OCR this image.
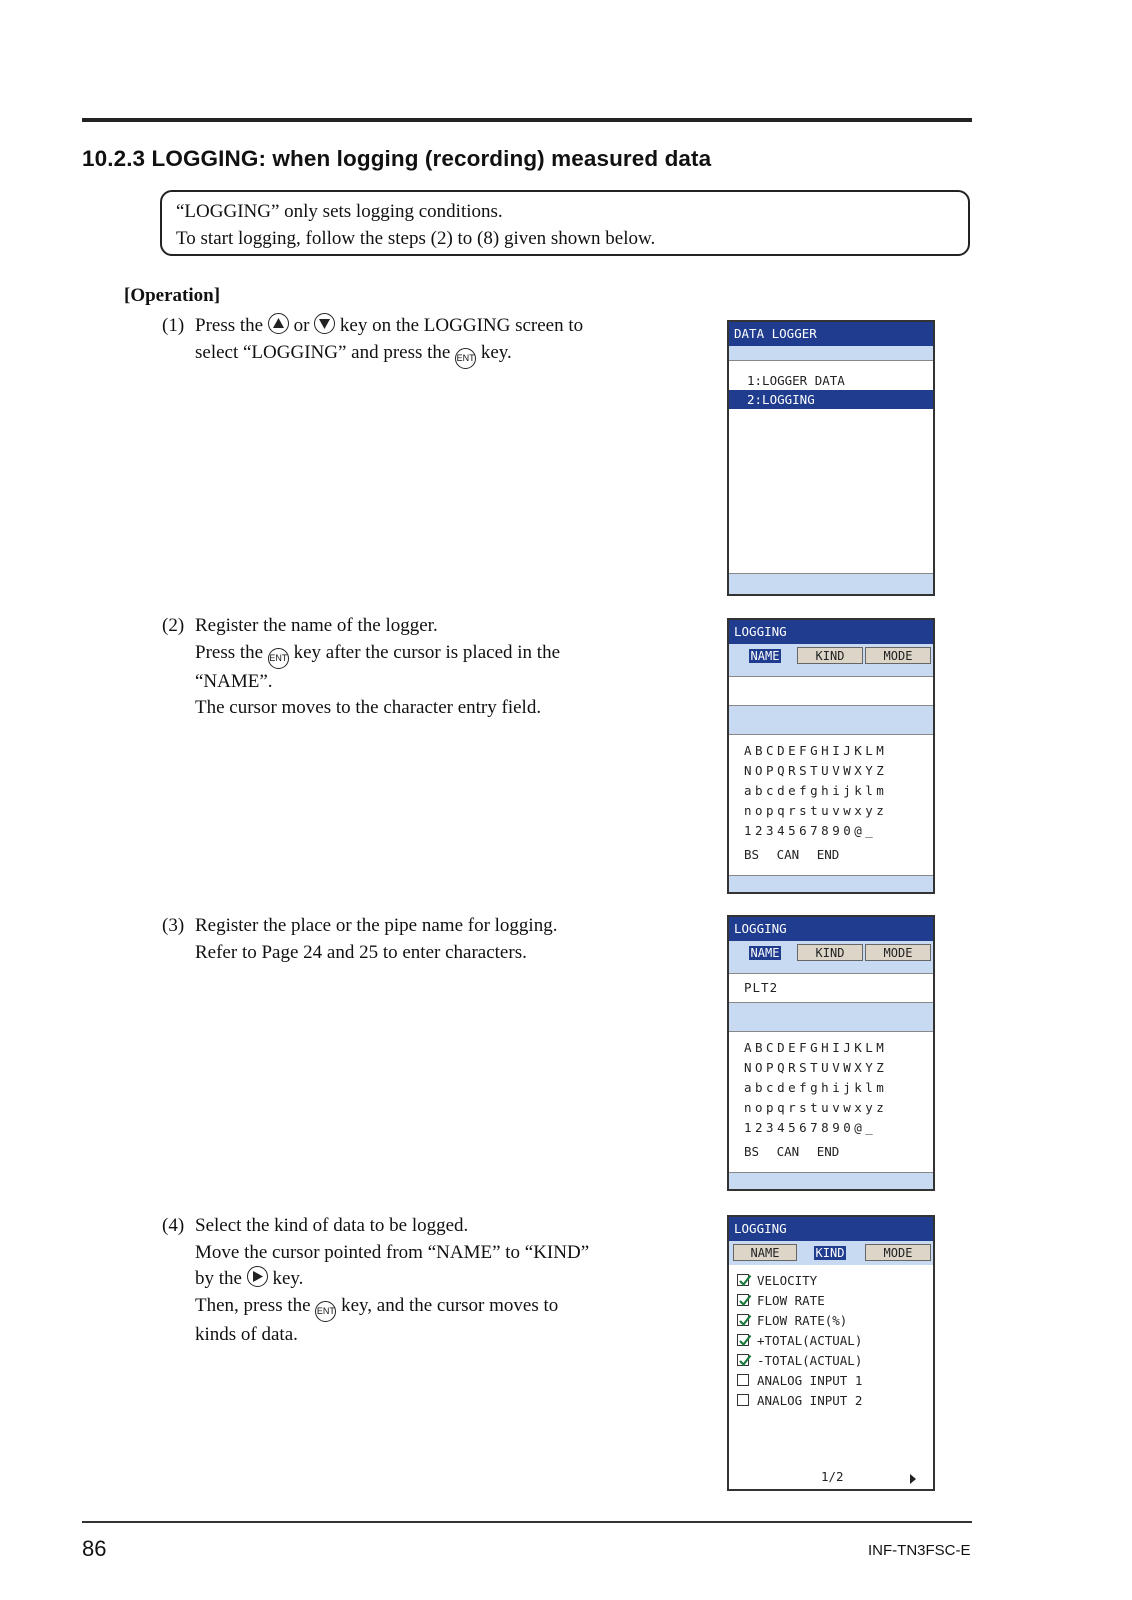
10.2.3 LOGGING: when logging (recording) measured data
“LOGGING” only sets logging conditions.
To start logging, follow the steps (2) to (8) given shown below.
[Operation]
(1) Press the or key on the LOGGING screen to
select “LOGGING” and press the ENT key.
(2) Register the name of the logger.
Press the ENT key after the cursor is placed in the
“NAME”.
The cursor moves to the character entry field.
(3) Register the place or the pipe name for logging.
Refer to Page 24 and 25 to enter characters.
(4) Select the kind of data to be logged.
Move the cursor pointed from “NAME” to “KIND”
by the key.
Then, press the ENT key, and the cursor moves to
kinds of data.
DATA LOGGER
1:LOGGER DATA
2:LOGGING
LOGGING
NAME	KIND	MODE
ABCDEFGHIJKLM
NOPQRSTUVWXYZ
abcdefghijklm
nopqrstuvwxyz
1234567890@_
BS CAN END
LOGGING
NAME	KIND	MODE
PLT2
ABCDEFGHIJKLM
NOPQRSTUVWXYZ
abcdefghijklm
nopqrstuvwxyz
1234567890@_
BS CAN END
LOGGING
NAME	KIND	MODE
VELOCITY
FLOW RATE
FLOW RATE(%)
+TOTAL(ACTUAL)
-TOTAL(ACTUAL)
ANALOG INPUT 1
ANALOG INPUT 2
1/2
86	INF-TN3FSC-E
